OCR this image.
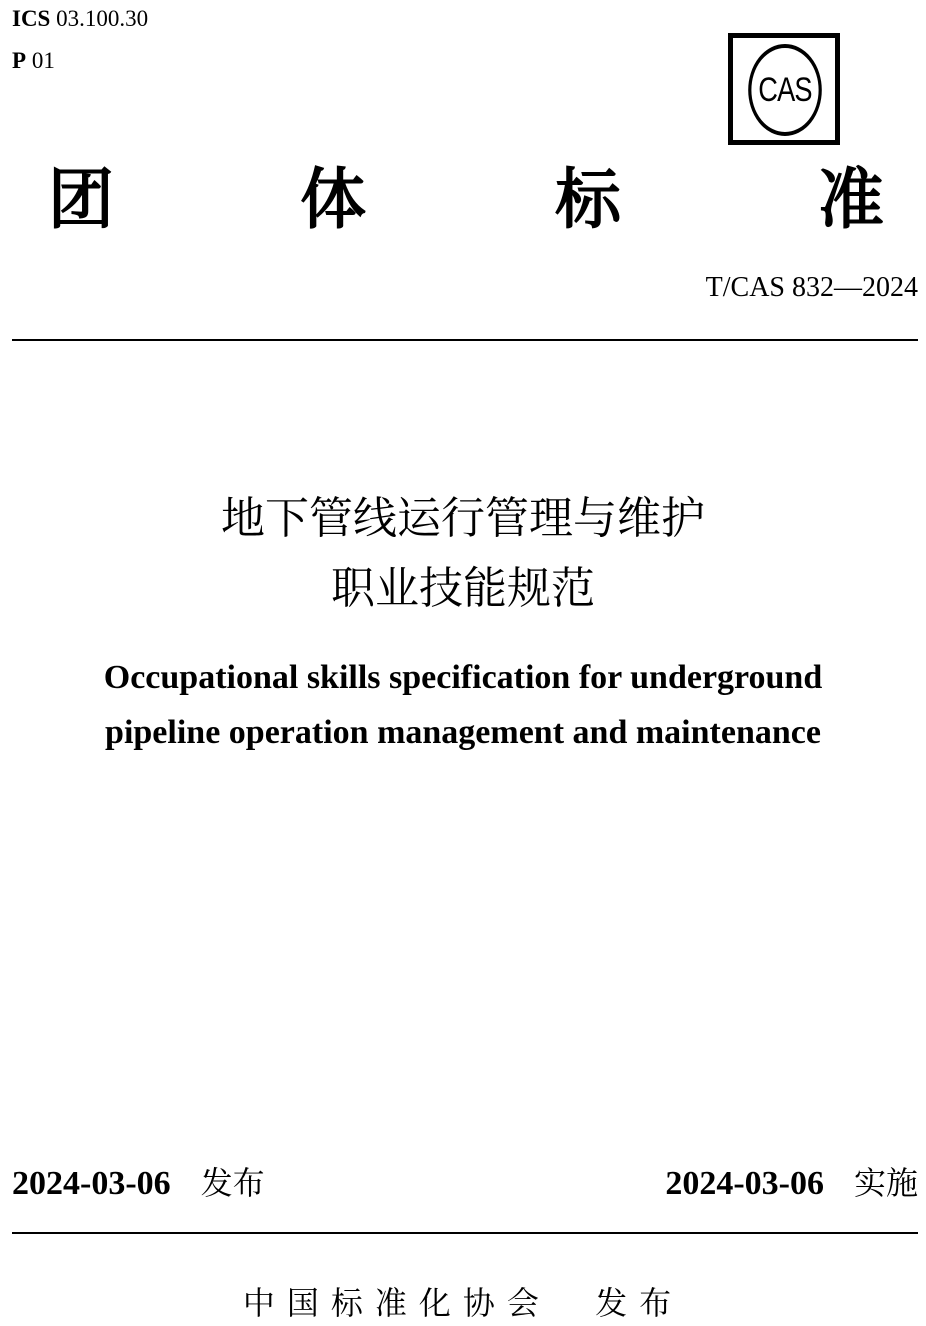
ICS 03.100.30
P 01
CAS
团	体	标	准
T/CAS 832—2024
地下管线运行管理与维护
职业技能规范
Occupational skills specification for underground
pipeline operation management and maintenance
2024-03-06 发布	2024-03-06 实施
中国标准化协会  发布
